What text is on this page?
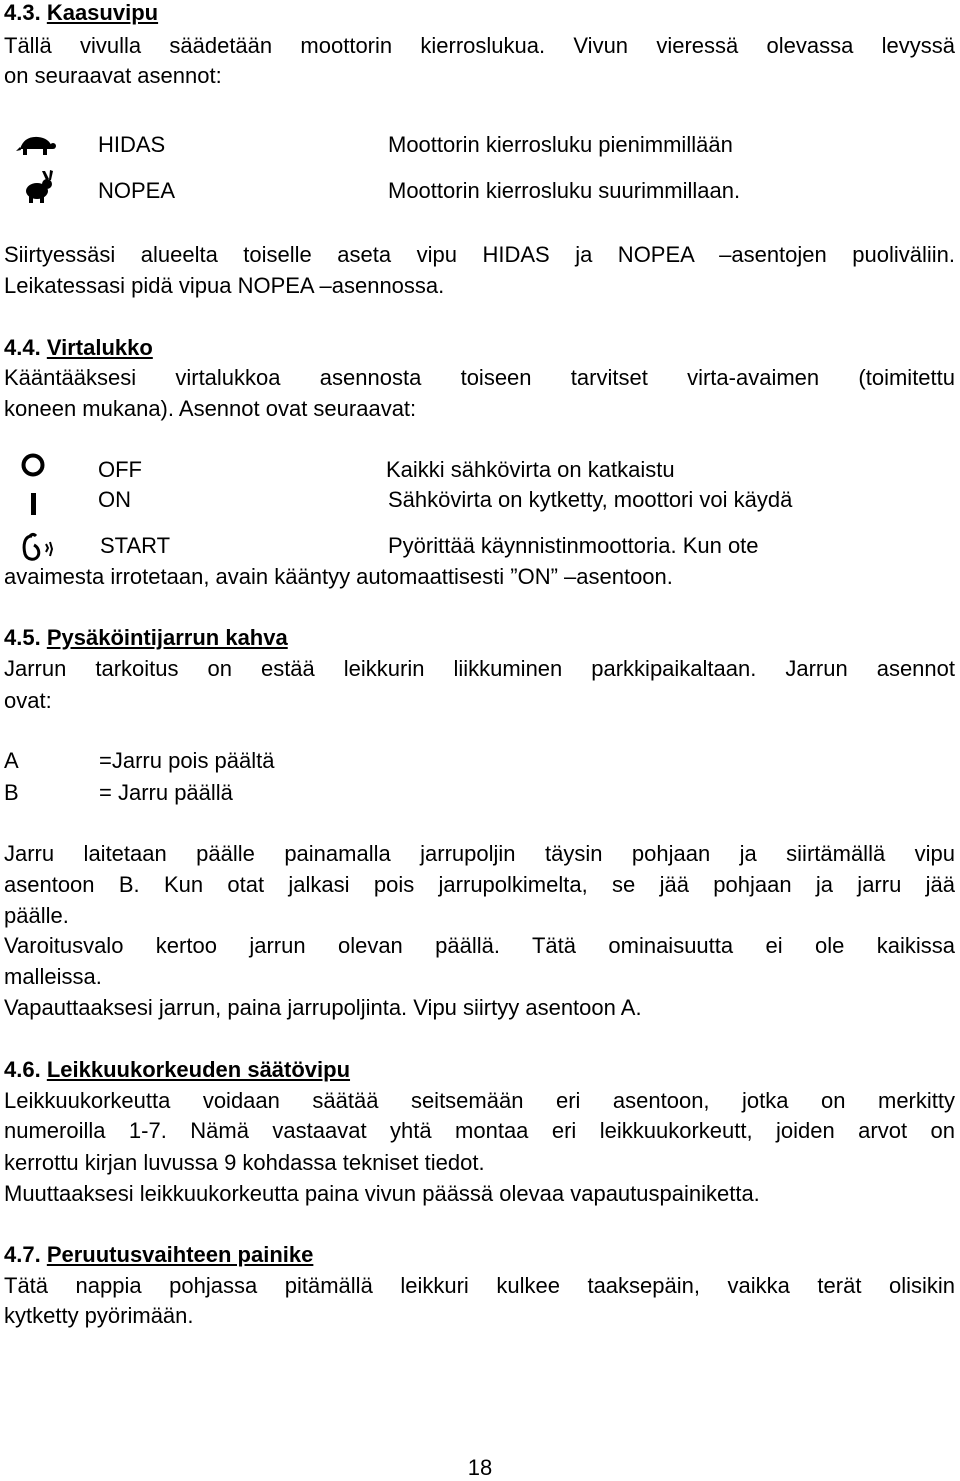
4.3. Kaasuvipu
Tällä vivulla säädetään moottorin kierroslukua. Vivun vieressä olevassa levyssä
on seuraavat asennot:
HIDAS	Moottorin kierrosluku pienimmillään
NOPEA	Moottorin kierrosluku suurimmillaan.
Siirtyessäsi alueelta toiselle aseta vipu HIDAS ja NOPEA –asentojen puoliväliin.
Leikatessasi pidä vipua NOPEA –asennossa.
4.4. Virtalukko
Kääntääksesi virtalukkoa asennosta toiseen tarvitset virta-avaimen (toimitettu
koneen mukana). Asennot ovat seuraavat:
OFF	Kaikki sähkövirta on katkaistu
ON	Sähkövirta on kytketty, moottori voi käydä
START	Pyörittää käynnistinmoottoria. Kun ote
avaimesta irrotetaan, avain kääntyy automaattisesti ”ON” –asentoon.
4.5. Pysäköintijarrun kahva
Jarrun tarkoitus on estää leikkurin liikkuminen parkkipaikaltaan. Jarrun asennot
ovat:
A	=Jarru pois päältä
B	= Jarru päällä
Jarru laitetaan päälle painamalla jarrupoljin täysin pohjaan ja siirtämällä vipu
asentoon B. Kun otat jalkasi pois jarrupolkimelta, se jää pohjaan ja jarru jää
päälle.
Varoitusvalo kertoo jarrun olevan päällä. Tätä ominaisuutta ei ole kaikissa
malleissa.
Vapauttaaksesi jarrun, paina jarrupoljinta. Vipu siirtyy asentoon A.
4.6. Leikkuukorkeuden säätövipu
Leikkuukorkeutta voidaan säätää seitsemään eri asentoon, jotka on merkitty
numeroilla 1-7. Nämä vastaavat yhtä montaa eri leikkuukorkeutt, joiden arvot on
kerrottu kirjan luvussa 9 kohdassa tekniset tiedot.
Muuttaaksesi leikkuukorkeutta paina vivun päässä olevaa vapautuspainiketta.
4.7. Peruutusvaihteen painike
Tätä nappia pohjassa pitämällä leikkuri kulkee taaksepäin, vaikka terät olisikin
kytketty pyörimään.
18
